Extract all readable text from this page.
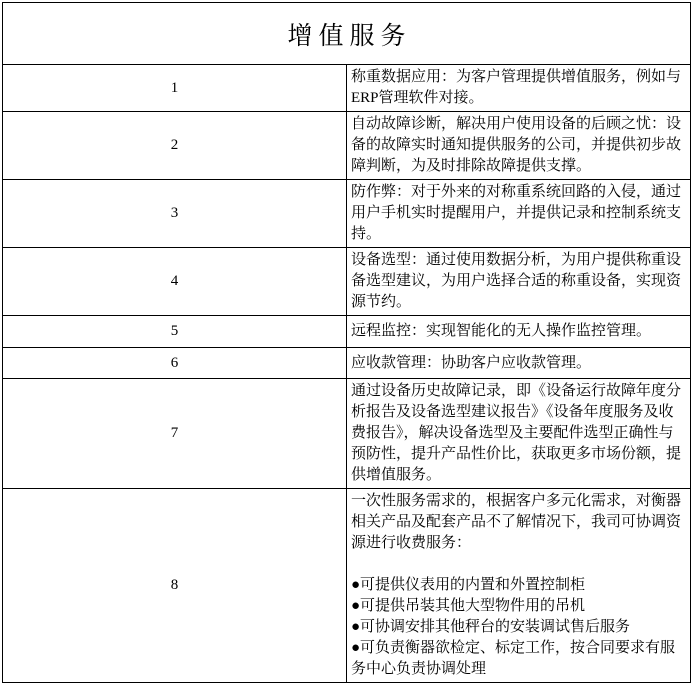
增值服务	
1	称重数据应用：为客户管理提供增值服务，例如与ERP管理软件对接。
2	自动故障诊断，解决用户使用设备的后顾之忧：设备的故障实时通知提供服务的公司，并提供初步故障判断，为及时排除故障提供支撑。
3	防作弊：对于外来的对称重系统回路的入侵，通过用户手机实时提醒用户，并提供记录和控制系统支持。
4	设备选型：通过使用数据分析，为用户提供称重设备选型建议，为用户选择合适的称重设备，实现资源节约。
5	远程监控：实现智能化的无人操作监控管理。
6	应收款管理：协助客户应收款管理。
7	通过设备历史故障记录，即《设备运行故障年度分析报告及设备选型建议报告》《设备年度服务及收费报告》，解决设备选型及主要配件选型正确性与预防性，提升产品性价比，获取更多市场份额，提供增值服务。
8	一次性服务需求的，根据客户多元化需求，对衡器相关产品及配套产品不了解情况下，我司可协调资源进行收费服务：
●可提供仪表用的内置和外置控制柜
●可提供吊装其他大型物件用的吊机
●可协调安排其他秤台的安装调试售后服务
●可负责衡器欲检定、标定工作，按合同要求有服务中心负责协调处理
